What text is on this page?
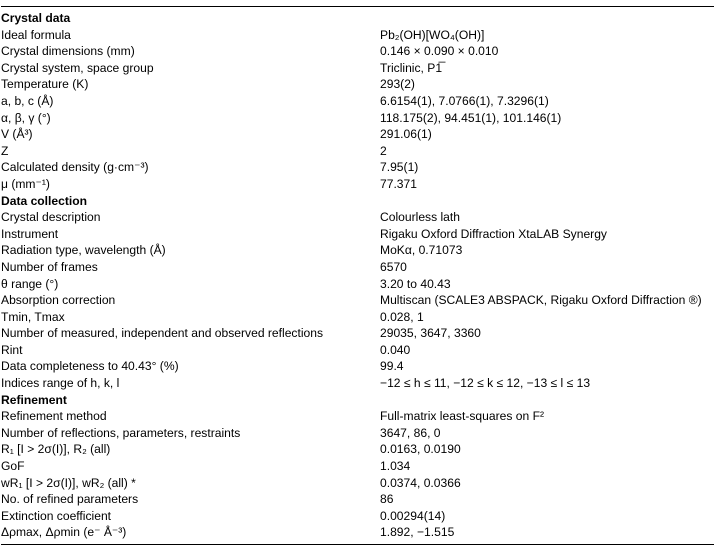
Crystal data
Ideal formula	Pb₂(OH)[WO₄(OH)]
Crystal dimensions (mm)	0.146 × 0.090 × 0.010
Crystal system, space group	Triclinic, P1̅
Temperature (K)	293(2)
a, b, c (Å)	6.6154(1), 7.0766(1), 7.3296(1)
α, β, γ (°)	118.175(2), 94.451(1), 101.146(1)
V (Å³)	291.06(1)
Z	2
Calculated density (g·cm⁻³)	7.95(1)
μ (mm⁻¹)	77.371
Data collection
Crystal description	Colourless lath
Instrument	Rigaku Oxford Diffraction XtaLAB Synergy
Radiation type, wavelength (Å)	MoKα, 0.71073
Number of frames	6570
θ range (°)	3.20 to 40.43
Absorption correction	Multiscan (SCALE3 ABSPACK, Rigaku Oxford Diffraction ®)
Tmin, Tmax	0.028, 1
Number of measured, independent and observed reflections	29035, 3647, 3360
Rint	0.040
Data completeness to 40.43° (%)	99.4
Indices range of h, k, l	−12 ≤ h ≤ 11, −12 ≤ k ≤ 12, −13 ≤ l ≤ 13
Refinement
Refinement method	Full-matrix least-squares on F²
Number of reflections, parameters, restraints	3647, 86, 0
R₁ [I > 2σ(I)], R₂ (all)	0.0163, 0.0190
GoF	1.034
wR₁ [I > 2σ(I)], wR₂ (all) *	0.0374, 0.0366
No. of refined parameters	86
Extinction coefficient	0.00294(14)
Δρmax, Δρmin (e⁻ Å⁻³)	1.892, −1.515
